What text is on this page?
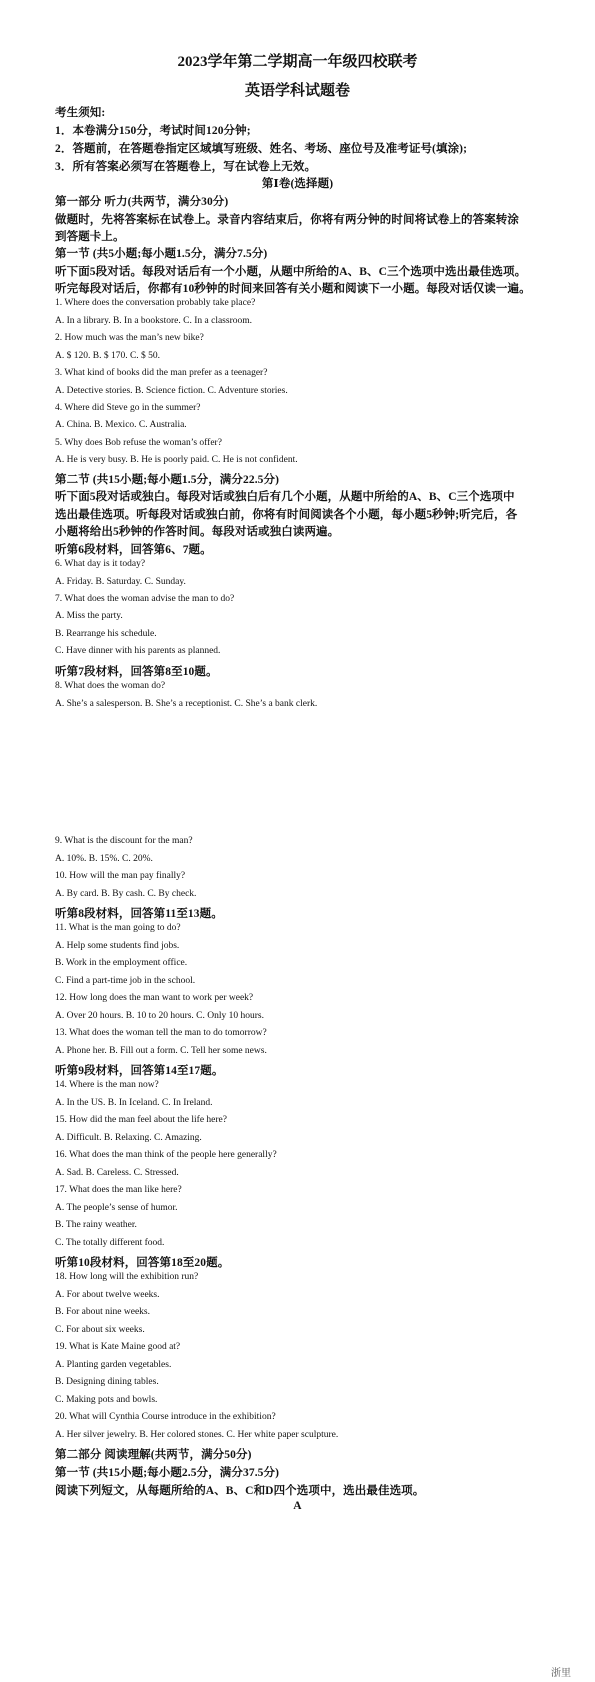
2023学年第二学期高一年级四校联考
英语学科试题卷
考生须知:
1．本卷满分150分，考试时间120分钟;
2．答题前，在答题卷指定区域填写班级、姓名、考场、座位号及准考证号(填涂);
3．所有答案必须写在答题卷上，写在试卷上无效。
第Ⅰ卷(选择题)
第一部分 听力(共两节，满分30分)
做题时，先将答案标在试卷上。录音内容结束后，你将有两分钟的时间将试卷上的答案转涂
到答题卡上。
第一节 (共5小题;每小题1.5分，满分7.5分)
听下面5段对话。每段对话后有一个小题，从题中所给的A、B、C三个选项中选出最佳选项。
听完每段对话后，你都有10秒钟的时间来回答有关小题和阅读下一小题。每段对话仅读一遍。
1. Where does the conversation probably take place?
A. In a library. B. In a bookstore. C. In a classroom.
2. How much was the man’s new bike?
A. $ 120. B. $ 170. C. $ 50.
3. What kind of books did the man prefer as a teenager?
A. Detective stories. B. Science fiction. C. Adventure stories.
4. Where did Steve go in the summer?
A. China. B. Mexico. C. Australia.
5. Why does Bob refuse the woman’s offer?
A. He is very busy. B. He is poorly paid. C. He is not confident.
第二节 (共15小题;每小题1.5分，满分22.5分)
听下面5段对话或独白。每段对话或独白后有几个小题，从题中所给的A、B、C三个选项中
选出最佳选项。听每段对话或独白前，你将有时间阅读各个小题，每小题5秒钟;听完后，各
小题将给出5秒钟的作答时间。每段对话或独白读两遍。
听第6段材料，回答第6、7题。
6. What day is it today?
A. Friday. B. Saturday. C. Sunday.
7. What does the woman advise the man to do?
A. Miss the party.
B. Rearrange his schedule.
C. Have dinner with his parents as planned.
听第7段材料，回答第8至10题。
8. What does the woman do?
A. She’s a salesperson. B. She’s a receptionist. C. She’s a bank clerk.
9. What is the discount for the man?
A. 10%. B. 15%. C. 20%.
10. How will the man pay finally?
A. By card. B. By cash. C. By check.
听第8段材料，回答第11至13题。
11. What is the man going to do?
A. Help some students find jobs.
B. Work in the employment office.
C. Find a part-time job in the school.
12. How long does the man want to work per week?
A. Over 20 hours. B. 10 to 20 hours. C. Only 10 hours.
13. What does the woman tell the man to do tomorrow?
A. Phone her. B. Fill out a form. C. Tell her some news.
听第9段材料，回答第14至17题。
14. Where is the man now?
A. In the US. B. In Iceland. C. In Ireland.
15. How did the man feel about the life here?
A. Difficult. B. Relaxing. C. Amazing.
16. What does the man think of the people here generally?
A. Sad. B. Careless. C. Stressed.
17. What does the man like here?
A. The people’s sense of humor.
B. The rainy weather.
C. The totally different food.
听第10段材料，回答第18至20题。
18. How long will the exhibition run?
A. For about twelve weeks.
B. For about nine weeks.
C. For about six weeks.
19. What is Kate Maine good at?
A. Planting garden vegetables.
B. Designing dining tables.
C. Making pots and bowls.
20. What will Cynthia Course introduce in the exhibition?
A. Her silver jewelry. B. Her colored stones. C. Her white paper sculpture.
第二部分 阅读理解(共两节，满分50分)
第一节 (共15小题;每小题2.5分，满分37.5分)
阅读下列短文，从每题所给的A、B、C和D四个选项中，选出最佳选项。
A
浙里
